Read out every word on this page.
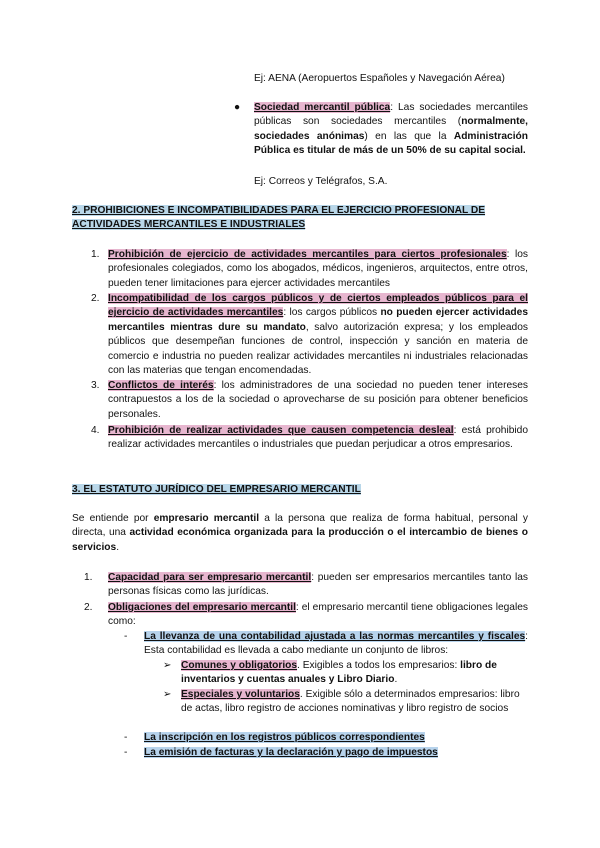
Ej: AENA (Aeropuertos Españoles y Navegación Aérea)
● Sociedad mercantil pública: Las sociedades mercantiles públicas son sociedades mercantiles (normalmente, sociedades anónimas) en las que la Administración Pública es titular de más de un 50% de su capital social.
Ej: Correos y Telégrafos, S.A.
2. PROHIBICIONES E INCOMPATIBILIDADES PARA EL EJERCICIO PROFESIONAL DE ACTIVIDADES MERCANTILES E INDUSTRIALES
1. Prohibición de ejercicio de actividades mercantiles para ciertos profesionales: los profesionales colegiados, como los abogados, médicos, ingenieros, arquitectos, entre otros, pueden tener limitaciones para ejercer actividades mercantiles
2. Incompatibilidad de los cargos públicos y de ciertos empleados públicos para el ejercicio de actividades mercantiles: los cargos públicos no pueden ejercer actividades mercantiles mientras dure su mandato, salvo autorización expresa; y los empleados públicos que desempeñan funciones de control, inspección y sanción en materia de comercio e industria no pueden realizar actividades mercantiles ni industriales relacionadas con las materias que tengan encomendadas.
3. Conflictos de interés: los administradores de una sociedad no pueden tener intereses contrapuestos a los de la sociedad o aprovecharse de su posición para obtener beneficios personales.
4. Prohibición de realizar actividades que causen competencia desleal: está prohibido realizar actividades mercantiles o industriales que puedan perjudicar a otros empresarios.
3. EL ESTATUTO JURÍDICO DEL EMPRESARIO MERCANTIL
Se entiende por empresario mercantil a la persona que realiza de forma habitual, personal y directa, una actividad económica organizada para la producción o el intercambio de bienes o servicios.
1. Capacidad para ser empresario mercantil: pueden ser empresarios mercantiles tanto las personas físicas como las jurídicas.
2. Obligaciones del empresario mercantil: el empresario mercantil tiene obligaciones legales como:
- La llevanza de una contabilidad ajustada a las normas mercantiles y fiscales: Esta contabilidad es llevada a cabo mediante un conjunto de libros:
➢ Comunes y obligatorios. Exigibles a todos los empresarios: libro de inventarios y cuentas anuales y Libro Diario.
➢ Especiales y voluntarios. Exigible sólo a determinados empresarios: libro de actas, libro registro de acciones nominativas y libro registro de socios
- La inscripción en los registros públicos correspondientes
- La emisión de facturas y la declaración y pago de impuestos
